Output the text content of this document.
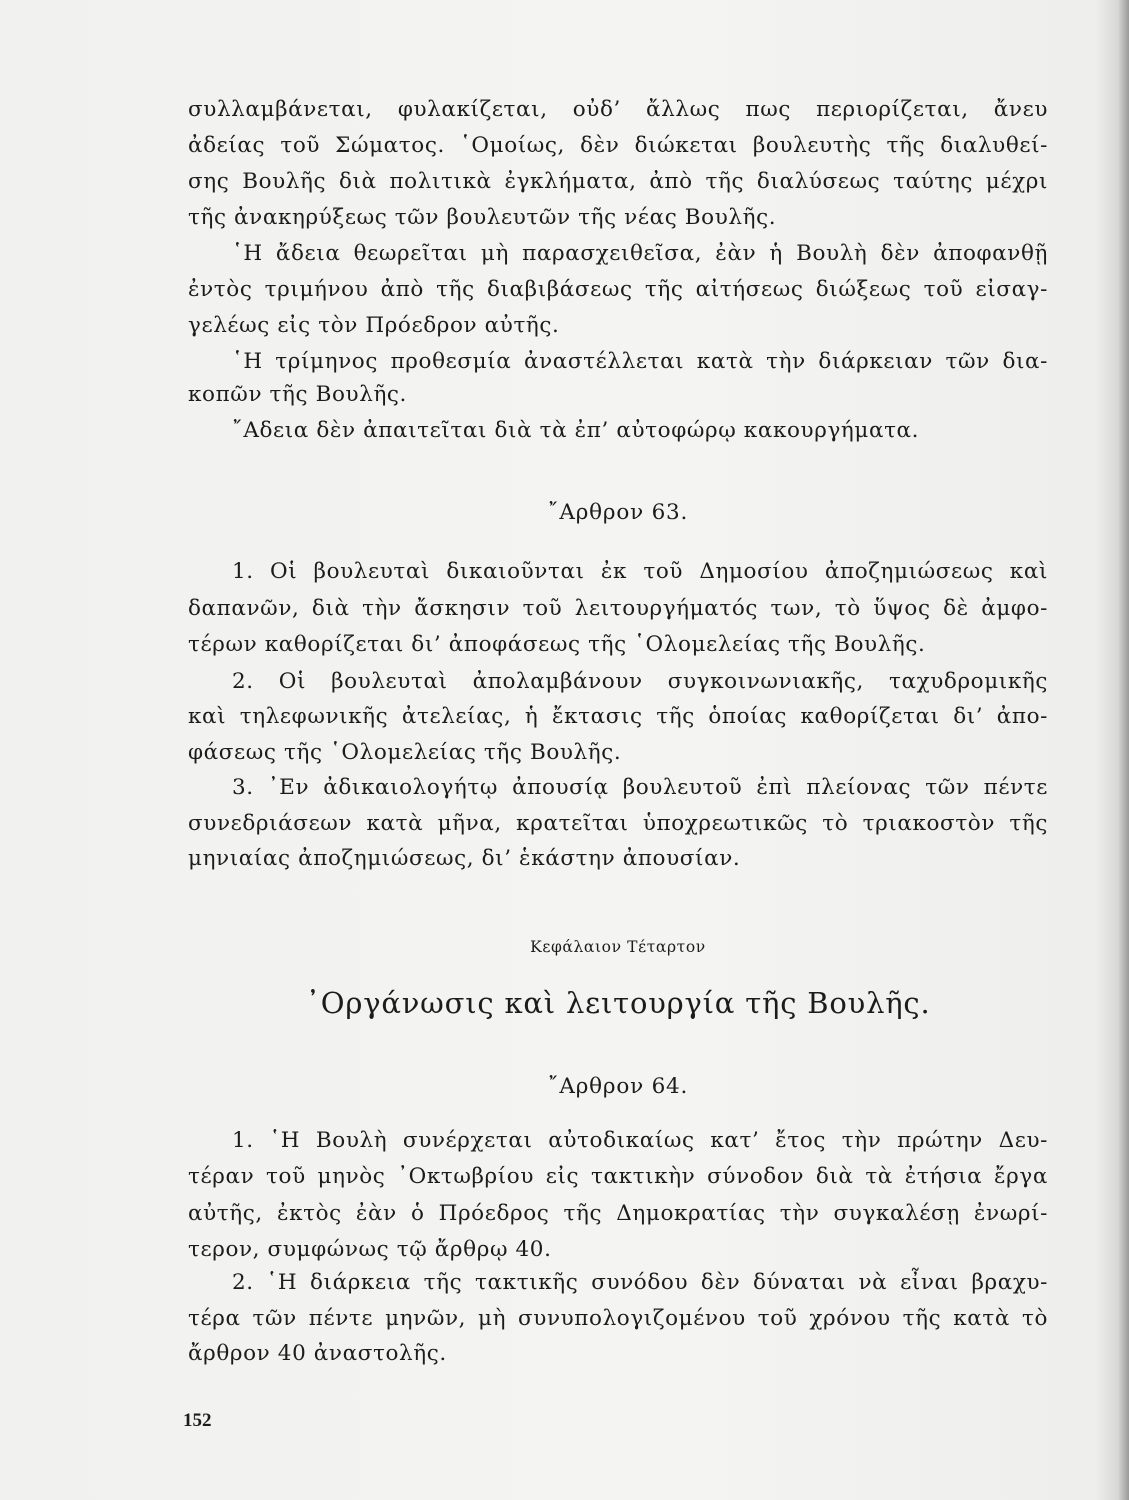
συλλαμβάνεται, φυλακίζεται, οὐδ’ ἄλλως πως περιορίζεται, ἄνευ
ἀδείας τοῦ Σώματος. ῾Ομοίως, δὲν διώκεται βουλευτὴς τῆς διαλυθεί-
σης Βουλῆς διὰ πολιτικὰ ἐγκλήματα, ἀπὸ τῆς διαλύσεως ταύτης μέχρι
τῆς ἀνακηρύξεως τῶν βουλευτῶν τῆς νέας Βουλῆς.
῾Η ἄδεια θεωρεῖται μὴ παρασχειθεῖσα, ἐὰν ἡ Βουλὴ δὲν ἀποφανθῇ
ἐντὸς τριμήνου ἀπὸ τῆς διαβιβάσεως τῆς αἰτήσεως διώξεως τοῦ εἰσαγ-
γελέως εἰς τὸν Πρόεδρον αὐτῆς.
῾Η τρίμηνος προθεσμία ἀναστέλλεται κατὰ τὴν διάρκειαν τῶν δια-
κοπῶν τῆς Βουλῆς.
῎Αδεια δὲν ἀπαιτεῖται διὰ τὰ ἐπ’ αὐτοφώρῳ κακουργήματα.
῎Αρθρον 63.
1. Οἱ βουλευταὶ δικαιοῦνται ἐκ τοῦ Δημοσίου ἀποζημιώσεως καὶ
δαπανῶν, διὰ τὴν ἄσκησιν τοῦ λειτουργήματός των, τὸ ὕψος δὲ ἀμφο-
τέρων καθορίζεται δι’ ἀποφάσεως τῆς ῾Ολομελείας τῆς Βουλῆς.
2. Οἱ βουλευταὶ ἀπολαμβάνουν συγκοινωνιακῆς, ταχυδρομικῆς
καὶ τηλεφωνικῆς ἀτελείας, ἡ ἔκτασις τῆς ὁποίας καθορίζεται δι’ ἀπο-
φάσεως τῆς ῾Ολομελείας τῆς Βουλῆς.
3. ᾿Εν ἀδικαιολογήτῳ ἀπουσίᾳ βουλευτοῦ ἐπὶ πλείονας τῶν πέντε
συνεδριάσεων κατὰ μῆνα, κρατεῖται ὑποχρεωτικῶς τὸ τριακοστὸν τῆς
μηνιαίας ἀποζημιώσεως, δι’ ἑκάστην ἀπουσίαν.
Κεφάλαιον Τέταρτον
᾿Οργάνωσις καὶ λειτουργία τῆς Βουλῆς.
῎Αρθρον 64.
1. ῾Η Βουλὴ συνέρχεται αὐτοδικαίως κατ’ ἔτος τὴν πρώτην Δευ-
τέραν τοῦ μηνὸς ᾿Οκτωβρίου εἰς τακτικὴν σύνοδον διὰ τὰ ἐτήσια ἔργα
αὐτῆς, ἐκτὸς ἐὰν ὁ Πρόεδρος τῆς Δημοκρατίας τὴν συγκαλέσῃ ἐνωρί-
τερον, συμφώνως τῷ ἄρθρῳ 40.
2. ῾Η διάρκεια τῆς τακτικῆς συνόδου δὲν δύναται νὰ εἶναι βραχυ-
τέρα τῶν πέντε μηνῶν, μὴ συνυπολογιζομένου τοῦ χρόνου τῆς κατὰ τὸ
ἄρθρον 40 ἀναστολῆς.
152
